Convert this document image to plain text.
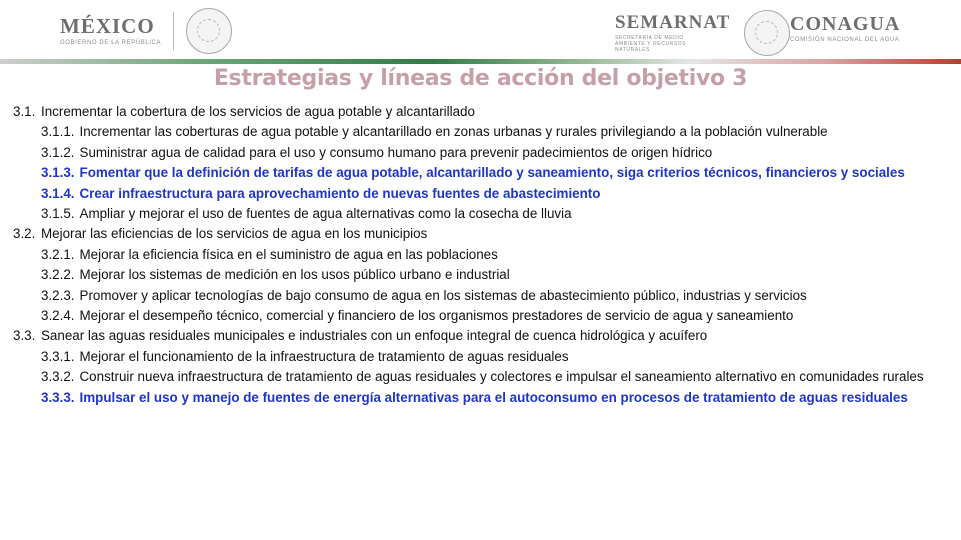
MÉXICO
GOBIERNO DE LA REPÚBLICA
SEMARNAT
SECRETARÍA DE MEDIO AMBIENTE Y RECURSOS NATURALES
CONAGUA
COMISIÓN NACIONAL DEL AGUA
Estrategias y líneas de acción del objetivo 3
3.1. Incrementar la cobertura de los servicios de agua potable y alcantarillado
3.1.1. Incrementar las coberturas de agua potable y alcantarillado en zonas urbanas y rurales privilegiando a la población vulnerable
3.1.2. Suministrar agua de calidad para el uso y consumo humano para prevenir padecimientos de origen hídrico
3.1.3. Fomentar que la definición de tarifas de agua potable, alcantarillado y saneamiento, siga criterios técnicos, financieros y sociales
3.1.4. Crear infraestructura para aprovechamiento de nuevas fuentes de abastecimiento
3.1.5. Ampliar y mejorar el uso de fuentes de agua alternativas como la cosecha de lluvia
3.2. Mejorar las eficiencias de los servicios de agua en los municipios
3.2.1. Mejorar la eficiencia física en el suministro de agua en las poblaciones
3.2.2. Mejorar los sistemas de medición en los usos público urbano e industrial
3.2.3. Promover y aplicar tecnologías de bajo consumo de agua en los sistemas de abastecimiento público, industrias y servicios
3.2.4. Mejorar el desempeño técnico, comercial y financiero de los organismos prestadores de servicio de agua y saneamiento
3.3. Sanear las aguas residuales municipales e industriales con un enfoque integral de cuenca hidrológica y acuífero
3.3.1. Mejorar el funcionamiento de la infraestructura de tratamiento de aguas residuales
3.3.2. Construir nueva infraestructura de tratamiento de aguas residuales y colectores e impulsar el saneamiento alternativo en comunidades rurales
3.3.3. Impulsar el uso y manejo de fuentes de energía alternativas para el autoconsumo en procesos de tratamiento de aguas residuales
